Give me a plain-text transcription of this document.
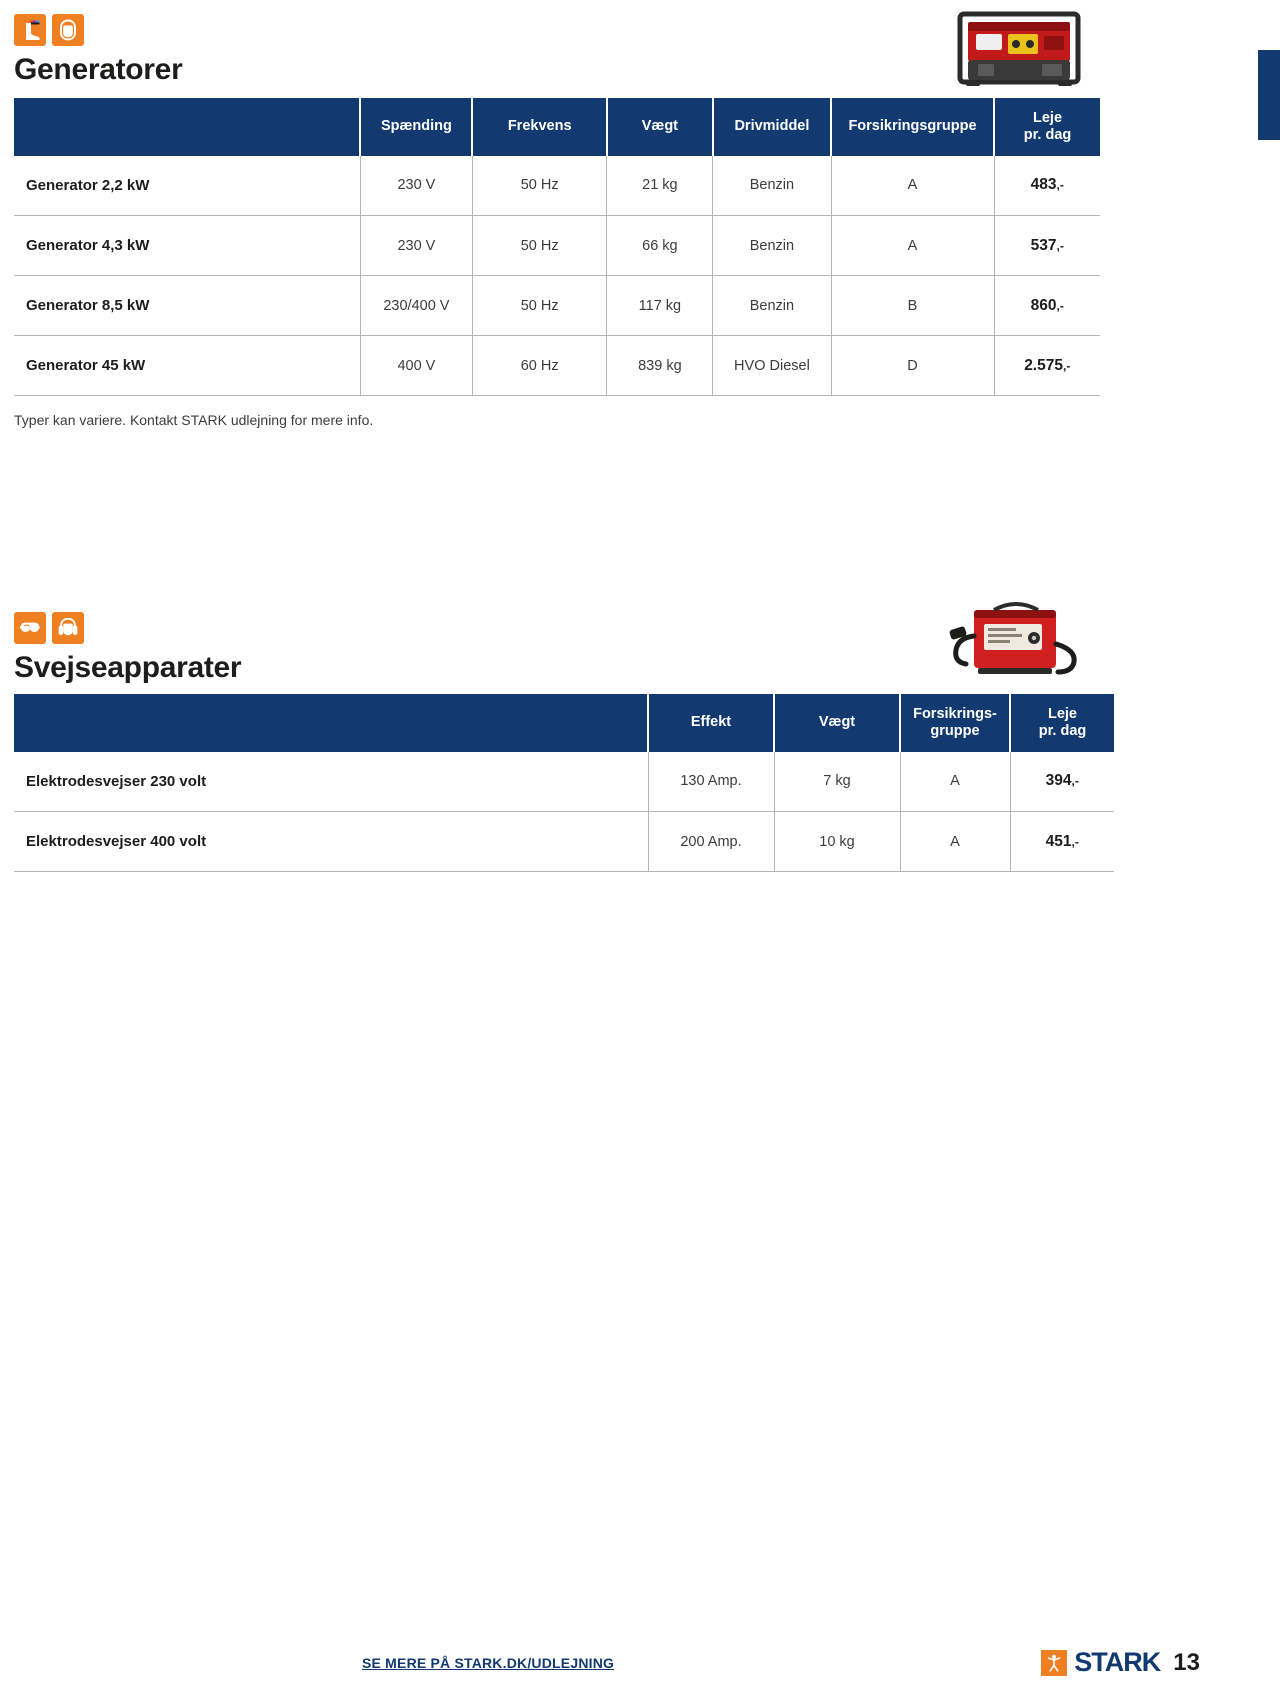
Generatorer
	Spænding	Frekvens	Vægt	Drivmiddel	Forsikringsgruppe	Leje
pr. dag
Generator 2,2 kW	230 V	50 Hz	21 kg	Benzin	A	483,-
Generator 4,3 kW	230 V	50 Hz	66 kg	Benzin	A	537,-
Generator 8,5 kW	230/400 V	50 Hz	117 kg	Benzin	B	860,-
Generator 45 kW	400 V	60 Hz	839 kg	HVO Diesel	D	2.575,-
Typer kan variere. Kontakt STARK udlejning for mere info.
Svejseapparater
	Effekt	Vægt	Forsikrings-
gruppe	Leje
pr. dag
Elektrodesvejser 230 volt	130 Amp.	7 kg	A	394,-
Elektrodesvejser 400 volt	200 Amp.	10 kg	A	451,-
SE MERE PÅ STARK.DK/UDLEJNING	STARK 13
